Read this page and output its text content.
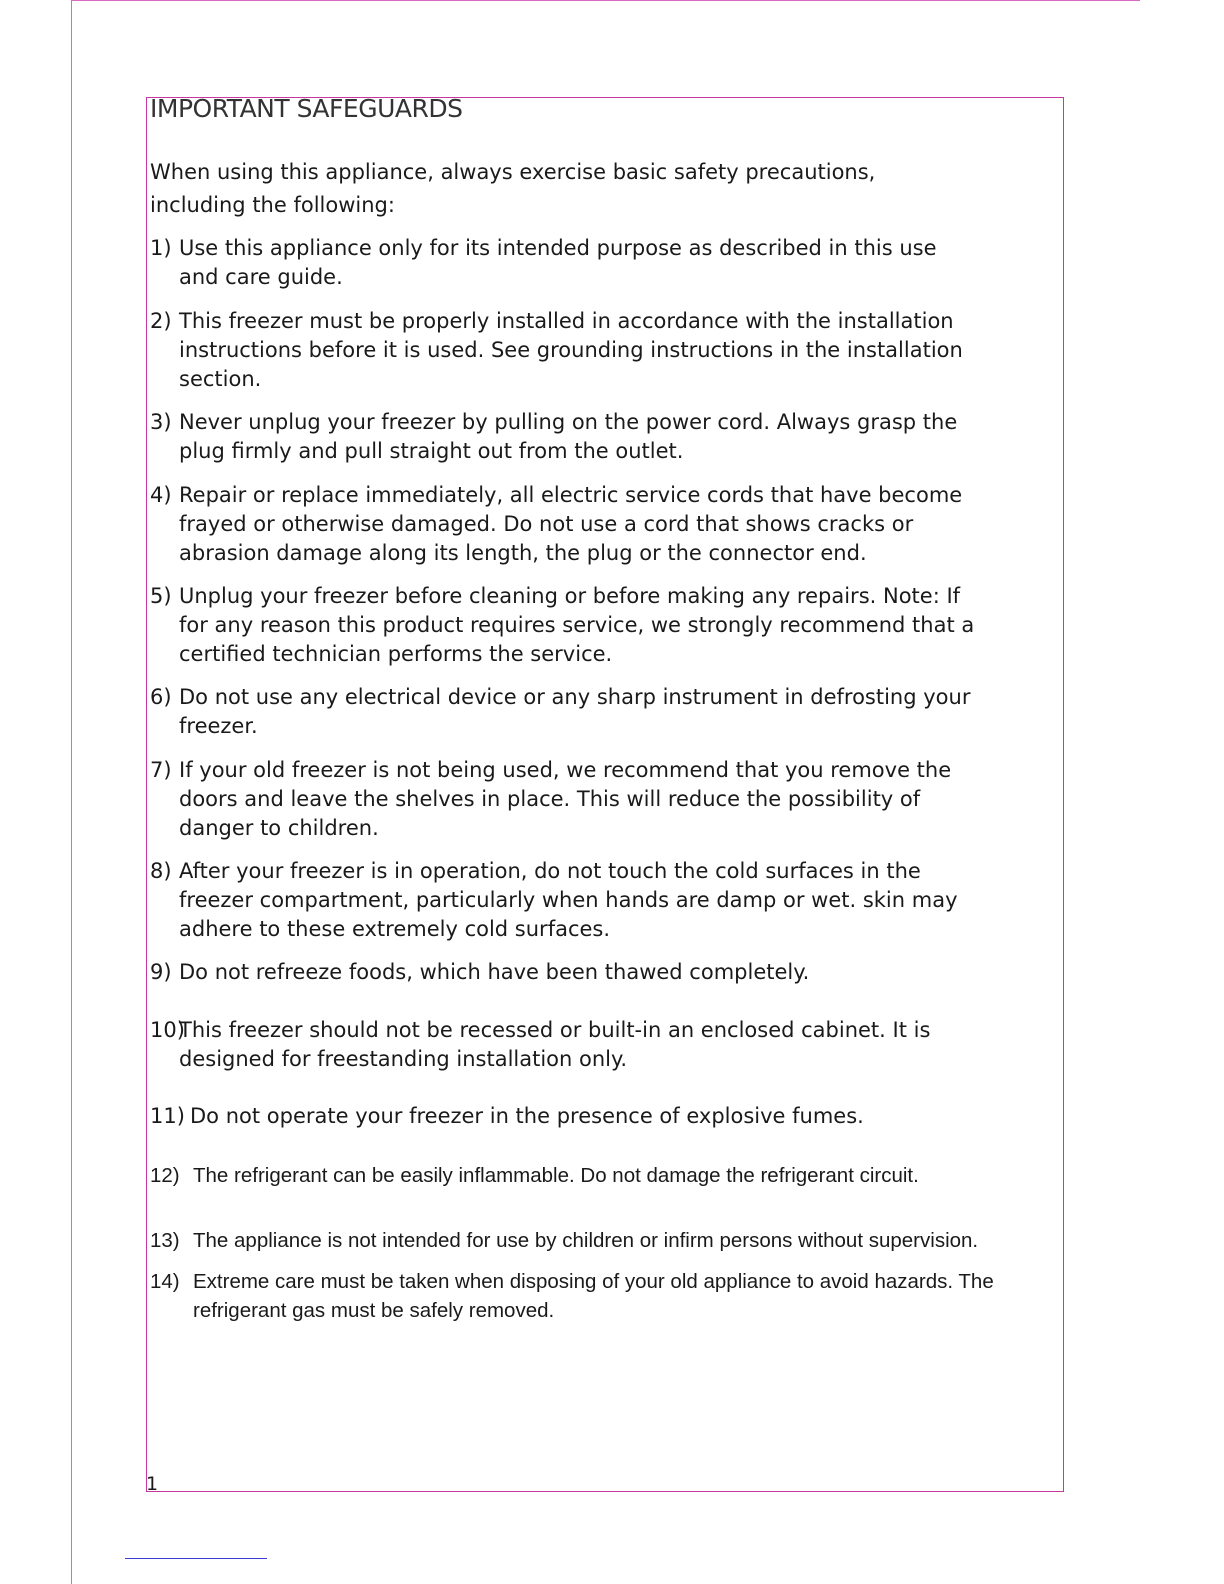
IMPORTANT SAFEGUARDS

When using this appliance, always exercise basic safety precautions, including the following:

1) Use this appliance only for its intended purpose as described in this use and care guide.
2) This freezer must be properly installed in accordance with the installation instructions before it is used. See grounding instructions in the installation section.
3) Never unplug your freezer by pulling on the power cord. Always grasp the plug firmly and pull straight out from the outlet.
4) Repair or replace immediately, all electric service cords that have become frayed or otherwise damaged. Do not use a cord that shows cracks or abrasion damage along its length, the plug or the connector end.
5) Unplug your freezer before cleaning or before making any repairs. Note: If for any reason this product requires service, we strongly recommend that a certified technician performs the service.
6) Do not use any electrical device or any sharp instrument in defrosting your freezer.
7) If your old freezer is not being used, we recommend that you remove the doors and leave the shelves in place. This will reduce the possibility of danger to children.
8) After your freezer is in operation, do not touch the cold surfaces in the freezer compartment, particularly when hands are damp or wet. skin may adhere to these extremely cold surfaces.
9) Do not refreeze foods, which have been thawed completely.
10)
This freezer should not be recessed or built-in an enclosed cabinet. It is designed for freestanding installation only.
11) Do not operate your freezer in the presence of explosive fumes.
12) The refrigerant can be easily inflammable. Do not damage the refrigerant circuit.
13) The appliance is not intended for use by children or infirm persons without supervision.
14) Extreme care must be taken when disposing of your old appliance to avoid hazards. The refrigerant gas must be safely removed.
1
